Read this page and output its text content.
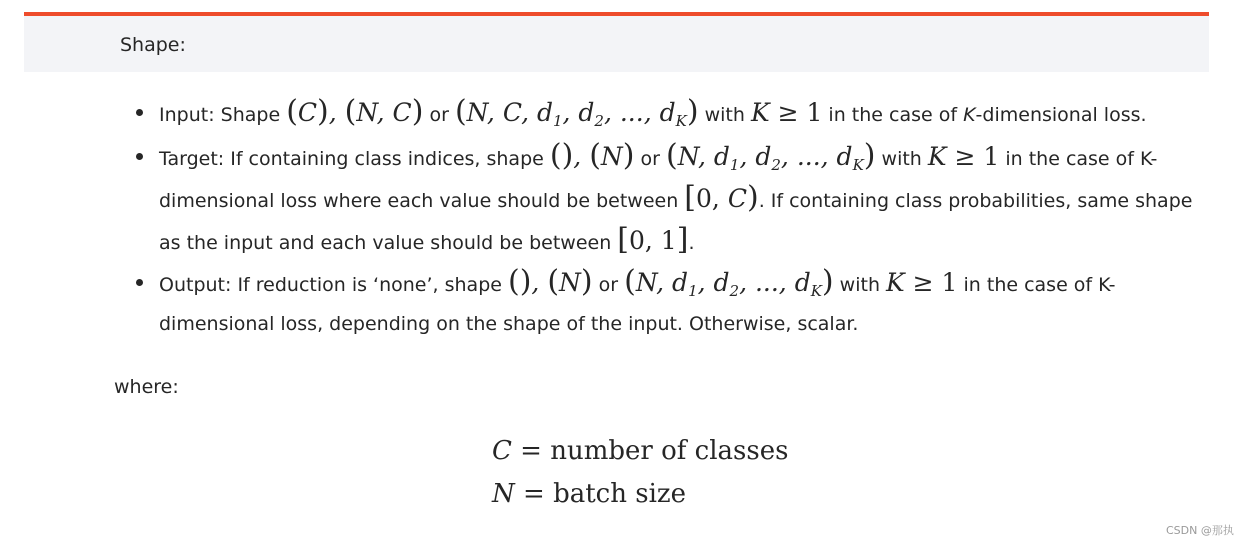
Shape:
Input: Shape (C), (N, C) or (N, C, $d_1$, $d_2$, ..., $d_K$) with K ≥ 1 in the case of K-dimensional loss.
Target: If containing class indices, shape (), (N) or (N, $d_1$, $d_2$, ..., $d_K$) with K ≥ 1 in the case of K-
dimensional loss where each value should be between [0, C). If containing class probabilities, same shape
as the input and each value should be between [0, 1].
Output: If reduction is ‘none’, shape (), (N) or (N, $d_1$, $d_2$, ..., $d_K$) with K ≥ 1 in the case of K-
dimensional loss, depending on the shape of the input. Otherwise, scalar.
where:
C = number of classes
N = batch size
CSDN @那执
